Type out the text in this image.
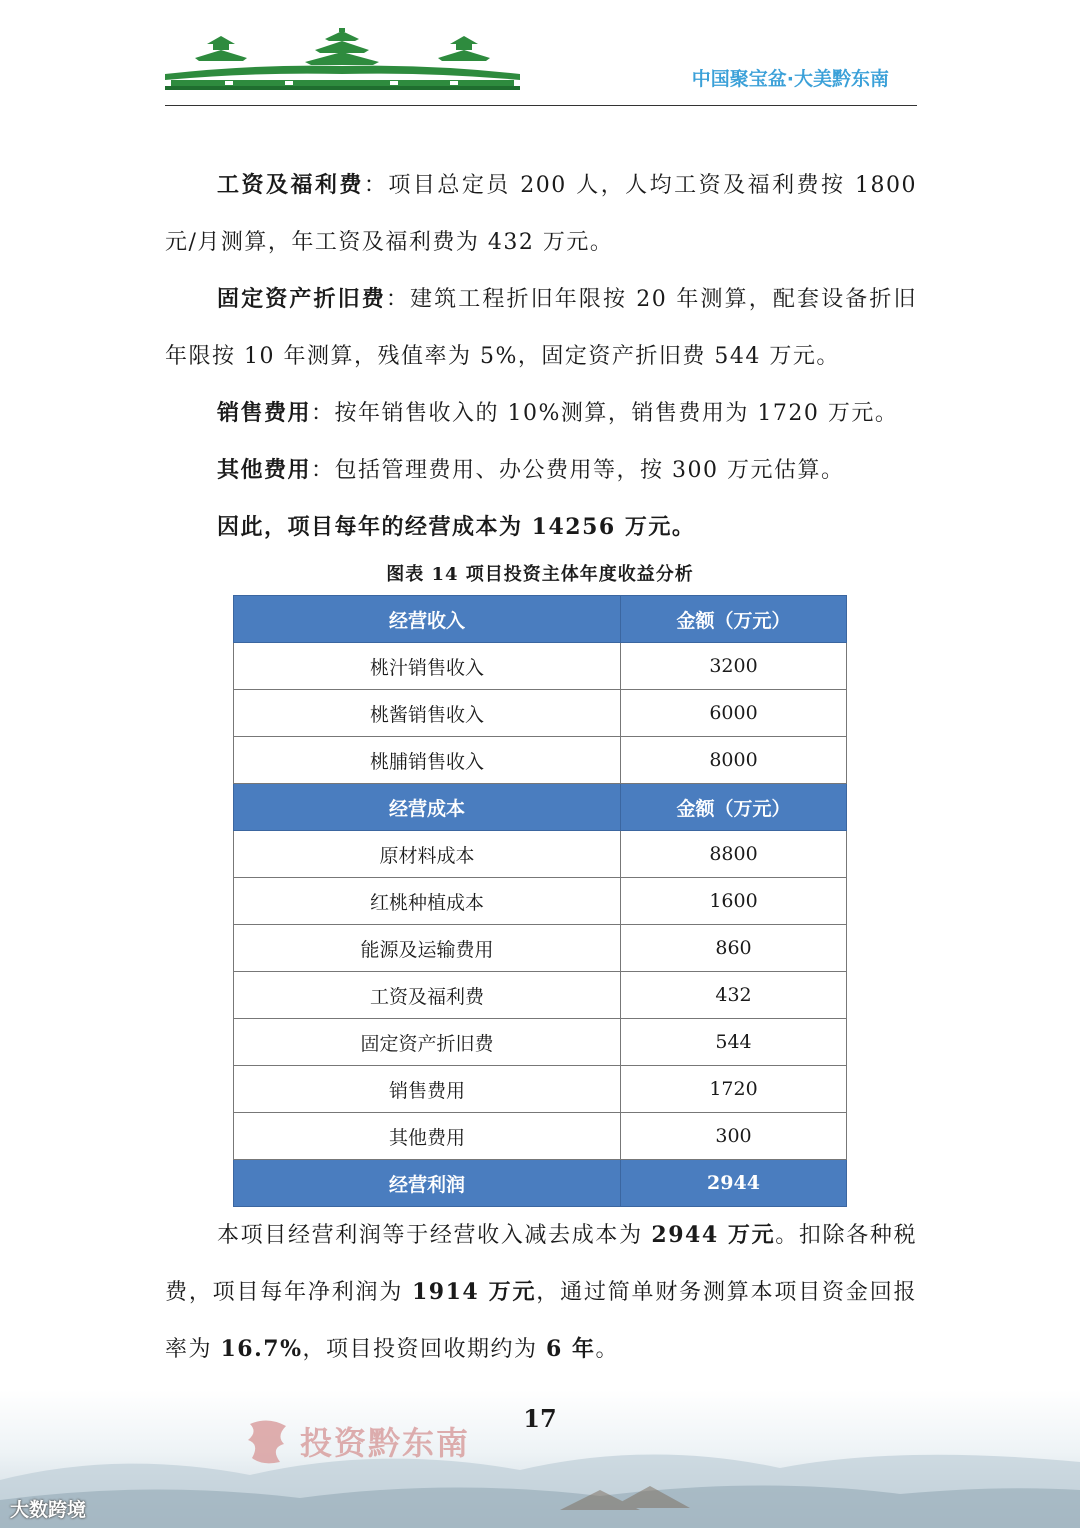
中国聚宝盆·大美黔东南

工资及福利费：项目总定员 200 人，人均工资及福利费按 1800 元/月测算，年工资及福利费为 432 万元。

固定资产折旧费：建筑工程折旧年限按 20 年测算，配套设备折旧年限按 10 年测算，残值率为 5%，固定资产折旧费 544 万元。

销售费用：按年销售收入的 10%测算，销售费用为 1720 万元。

其他费用：包括管理费用、办公费用等，按 300 万元估算。

因此，项目每年的经营成本为 14256 万元。

图表 14 项目投资主体年度收益分析
经营收入	金额（万元）
桃汁销售收入	3200
桃酱销售收入	6000
桃脯销售收入	8000
经营成本	金额（万元）
原材料成本	8800
红桃种植成本	1600
能源及运输费用	860
工资及福利费	432
固定资产折旧费	544
销售费用	1720
其他费用	300
经营利润	2944

本项目经营利润等于经营收入减去成本为 2944 万元。扣除各种税费，项目每年净利润为 1914 万元，通过简单财务测算本项目资金回报率为 16.7%，项目投资回收期约为 6 年。

投资黔东南
17
大数跨境
